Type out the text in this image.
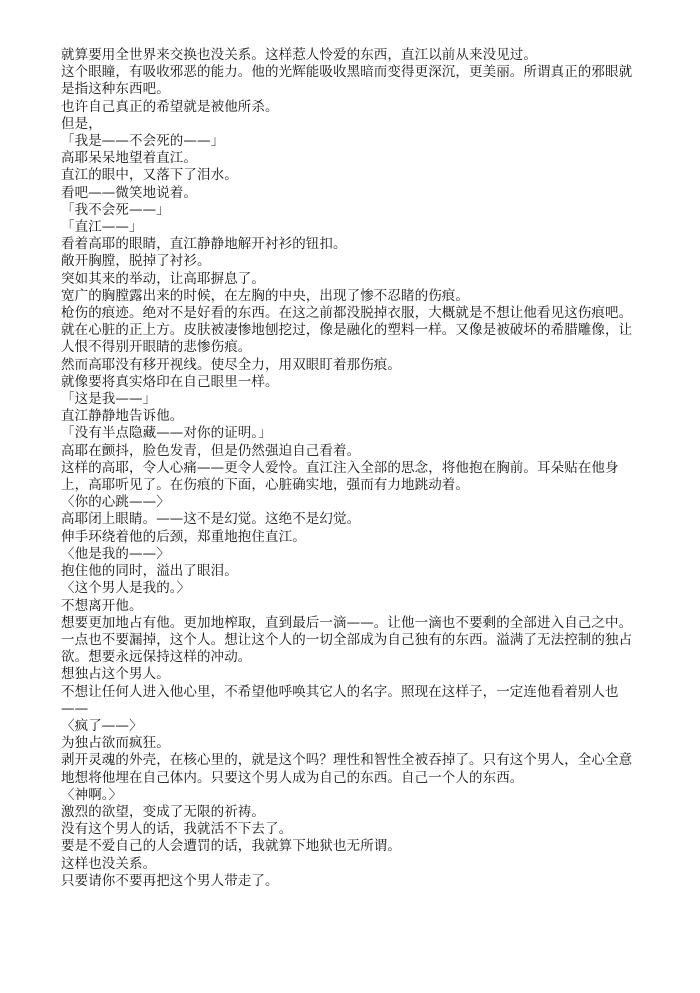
就算要用全世界来交换也没关系。这样惹人怜爱的东西，直江以前从来没见过。

这个眼瞳，有吸收邪恶的能力。他的光辉能吸收黑暗而变得更深沉，更美丽。所谓真正的邪眼就是指这种东西吧。

也许自己真正的希望就是被他所杀。

但是，

「我是——不会死的——」

高耶呆呆地望着直江。

直江的眼中，又落下了泪水。

看吧——微笑地说着。

「我不会死——」

「直江——」

看着高耶的眼睛，直江静静地解开衬衫的钮扣。

敞开胸膛，脱掉了衬衫。

突如其来的举动，让高耶摒息了。

宽广的胸膛露出来的时候，在左胸的中央，出现了惨不忍睹的伤痕。

枪伤的痕迹。绝对不是好看的东西。在这之前都没脱掉衣服，大概就是不想让他看见这伤痕吧。就在心脏的正上方。皮肤被凄惨地刨挖过，像是融化的塑料一样。又像是被破坏的希腊雕像，让人恨不得别开眼睛的悲惨伤痕。

然而高耶没有移开视线。使尽全力，用双眼盯着那伤痕。

就像要将真实烙印在自己眼里一样。

「这是我——」

直江静静地告诉他。

「没有半点隐藏——对你的证明。」

高耶在颤抖，脸色发青，但是仍然强迫自己看着。

这样的高耶，令人心痛——更令人爱怜。直江注入全部的思念，将他抱在胸前。耳朵贴在他身上，高耶听见了。在伤痕的下面，心脏确实地，强而有力地跳动着。

〈你的心跳——〉

高耶闭上眼睛。——这不是幻觉。这绝不是幻觉。

伸手环绕着他的后颈，郑重地抱住直江。

〈他是我的——〉

抱住他的同时，溢出了眼泪。

〈这个男人是我的。〉

不想离开他。

想要更加地占有他。更加地榨取，直到最后一滴——。让他一滴也不要剩的全部进入自己之中。一点也不要漏掉，这个人。想让这个人的一切全部成为自己独有的东西。溢满了无法控制的独占欲。想要永远保持这样的冲动。

想独占这个男人。

不想让任何人进入他心里，不希望他呼唤其它人的名字。照现在这样子，一定连他看着别人也——

〈疯了——〉

为独占欲而疯狂。

剥开灵魂的外壳，在核心里的，就是这个吗？理性和智性全被吞掉了。只有这个男人，全心全意地想将他埋在自己体内。只要这个男人成为自己的东西。自己一个人的东西。

〈神啊。〉

激烈的欲望，变成了无限的祈祷。

没有这个男人的话，我就活不下去了。

要是不爱自己的人会遭罚的话，我就算下地狱也无所谓。

这样也没关系。

只要请你不要再把这个男人带走了。
